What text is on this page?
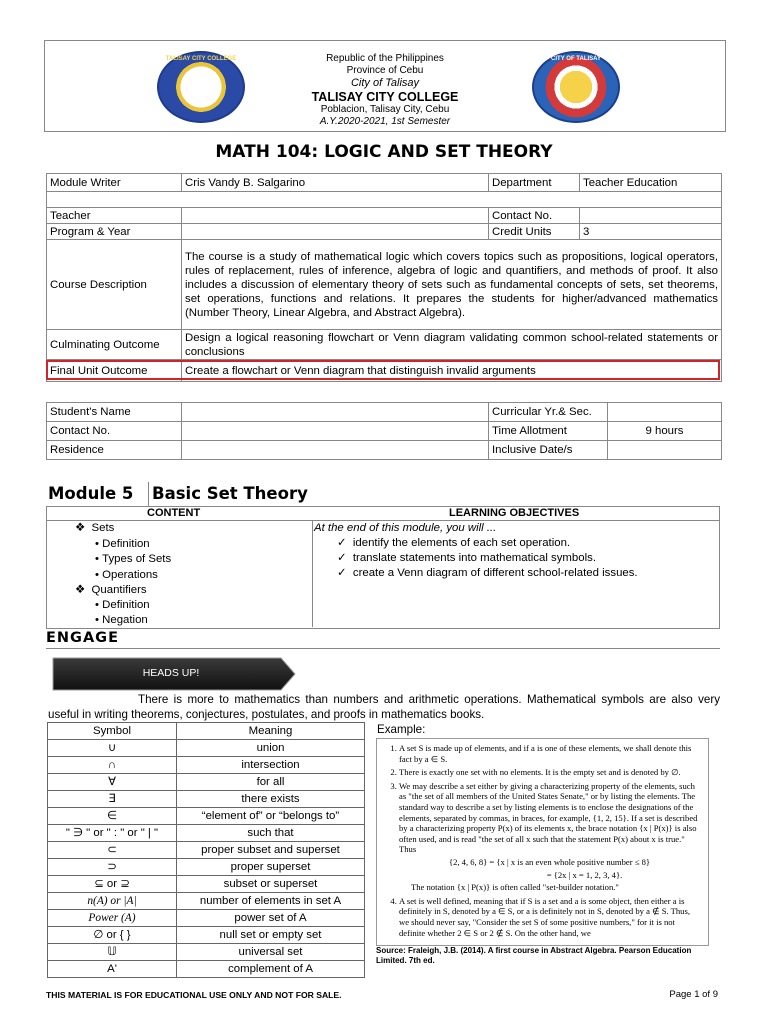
TALISAY CITY COLLEGE	CITY OF TALISAY
Republic of the Philippines
Province of Cebu
City of Talisay
TALISAY CITY COLLEGE
Poblacion, Talisay City, Cebu
A.Y.2020-2021, 1st Semester
MATH 104: LOGIC AND SET THEORY
Module Writer	Cris Vandy B. Salgarino	Department	Teacher Education

Teacher		Contact No.	
Program & Year		Credit Units	3
Course Description	The course is a study of mathematical logic which covers topics such as propositions, logical operators, rules of replacement, rules of inference, algebra of logic and quantifiers, and methods of proof. It also includes a discussion of elementary theory of sets such as fundamental concepts of sets, set theorems, set operations, functions and relations. It prepares the students for higher/advanced mathematics (Number Theory, Linear Algebra, and Abstract Algebra).		
Culminating Outcome	Design a logical reasoning flowchart or Venn diagram validating common school-related statements or conclusions		
Final Unit Outcome	Create a flowchart or Venn diagram that distinguish invalid arguments		
Student's Name		Curricular Yr.& Sec.	
Contact No.		Time Allotment	9 hours
Residence		Inclusive Date/s	
Module 5 Basic Set Theory
CONTENT	LEARNING OBJECTIVES
❖  Sets
• Definition
• Types of Sets
• Operations
❖  Quantifiers
• Definition
• Negation
At the end of this module, you will ...
✓  identify the elements of each set operation.
✓  translate statements into mathematical symbols.
✓  create a Venn diagram of different school-related issues.
ENGAGE
HEADS UP!
There is more to mathematics than numbers and arithmetic operations. Mathematical symbols are also very useful in writing theorems, conjectures, postulates, and proofs in mathematics books.
Symbol	Meaning
∪	union
∩	intersection
∀	for all
∃	there exists
∈	“element of” or “belongs to”
" ∋ " or " : " or " | "	such that
⊂	proper subset and superset
⊃	proper superset
⊆ or ⊇	subset or superset
n(A) or |A|	number of elements in set A
Power (A)	power set of A
∅ or { }	null set or empty set
𝕌	universal set
A'	complement of A
Example:
1. A set S is made up of elements, and if a is one of these elements, we shall denote this fact by a ∈ S.
2. There is exactly one set with no elements. It is the empty set and is denoted by ∅.
3. We may describe a set either by giving a characterizing property of the elements, such as "the set of all members of the United States Senate," or by listing the elements. The standard way to describe a set by listing elements is to enclose the designations of the elements, separated by commas, in braces, for example, {1, 2, 15}. If a set is described by a characterizing property P(x) of its elements x, the brace notation {x | P(x)} is also often used, and is read "the set of all x such that the statement P(x) about x is true." Thus
{2, 4, 6, 8} = {x | x is an even whole positive number ≤ 8}
= {2x | x = 1, 2, 3, 4}.
The notation {x | P(x)} is often called "set-builder notation."
4. A set is well defined, meaning that if S is a set and a is some object, then either a is definitely in S, denoted by a ∈ S, or a is definitely not in S, denoted by a ∉ S. Thus, we should never say, "Consider the set S of some positive numbers," for it is not definite whether 2 ∈ S or 2 ∉ S. On the other hand, we
Source: Fraleigh, J.B. (2014). A first course in Abstract Algebra. Pearson Education Limited. 7th ed.
THIS MATERIAL IS FOR EDUCATIONAL USE ONLY AND NOT FOR SALE.	Page 1 of 9
